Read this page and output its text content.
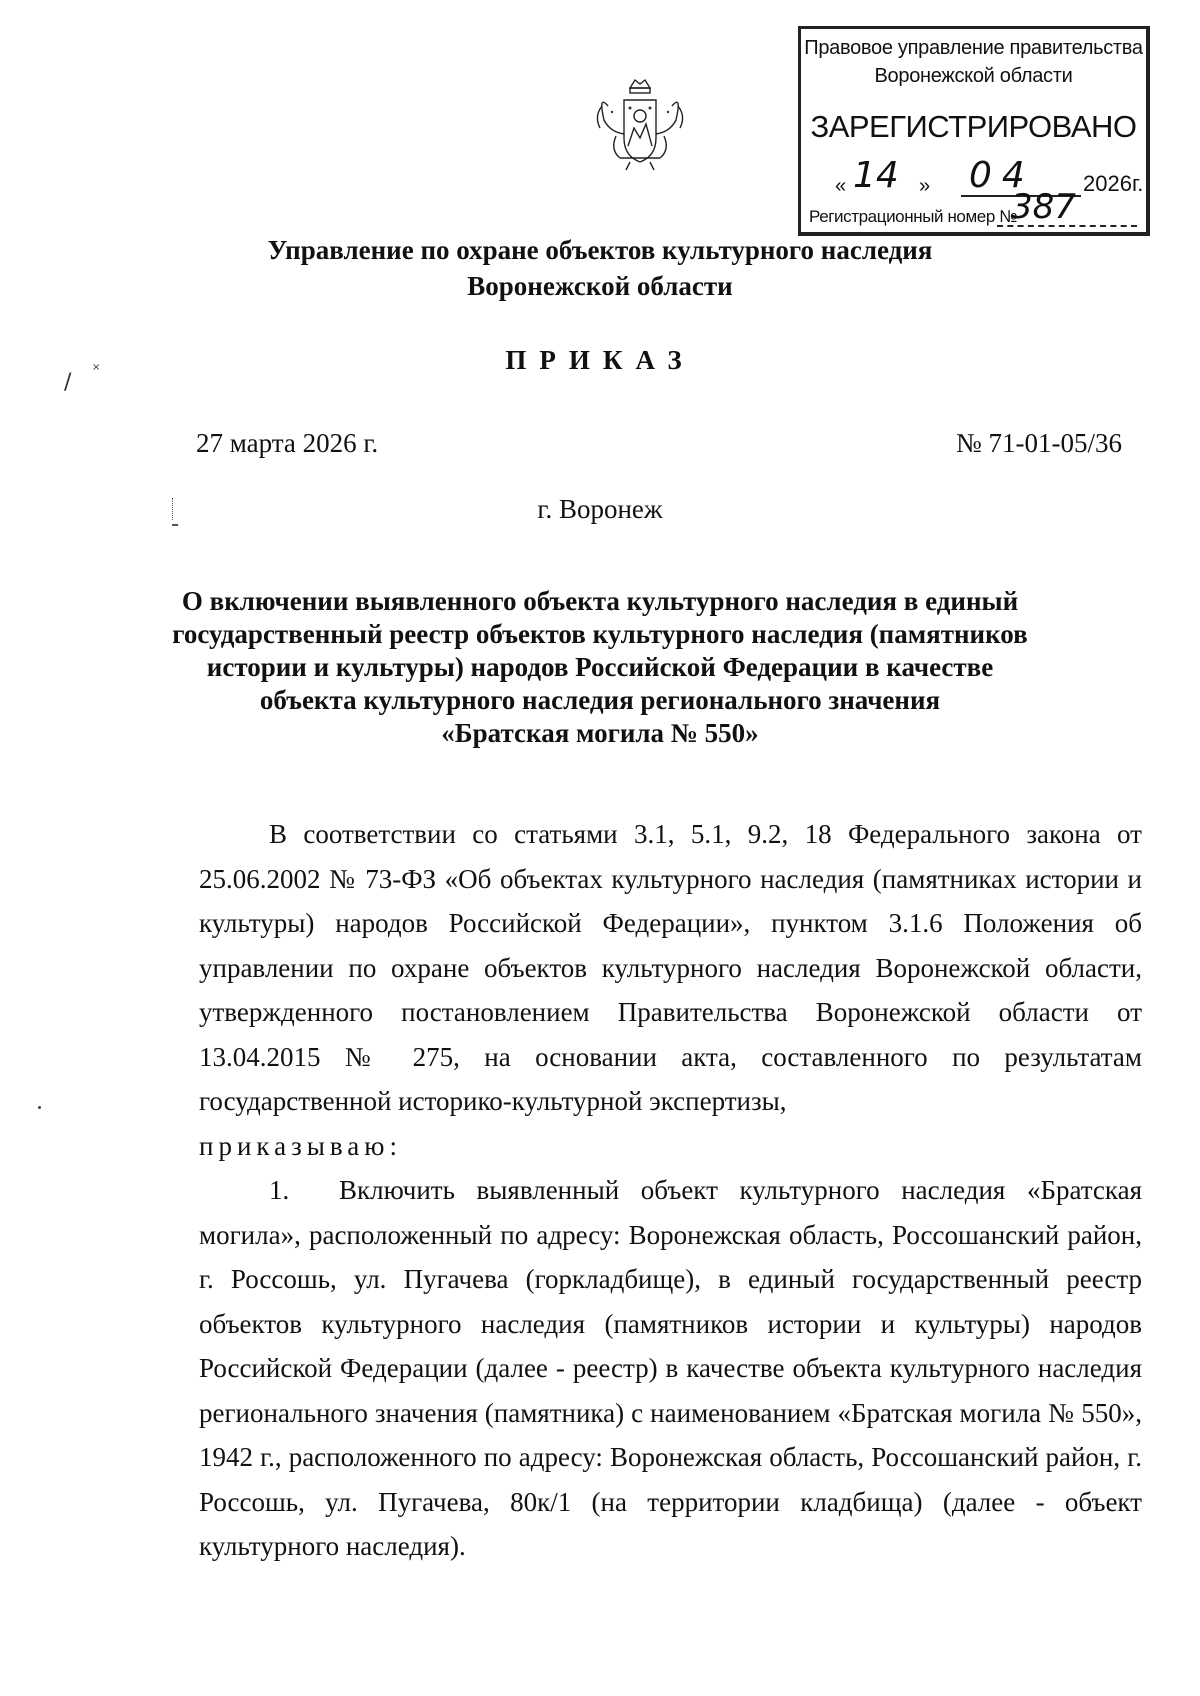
Правовое управление правительства
Воронежской области
ЗАРЕГИСТРИРОВАНО
« 14 » 04 2026г.
Регистрационный номер №
387
Управление по охране объектов культурного наследия
Воронежской области
ПРИКАЗ
/
×
27 марта 2026 г.	№ 71-01-05/36
г. Воронеж
О включении выявленного объекта культурного наследия в единый
государственный реестр объектов культурного наследия (памятников
истории и культуры) народов Российской Федерации в качестве
объекта культурного наследия регионального значения
«Братская могила № 550»

В соответствии со статьями 3.1, 5.1, 9.2, 18 Федерального закона от 25.06.2002 № 73-ФЗ «Об объектах культурного наследия (памятниках истории и культуры) народов Российской Федерации», пунктом 3.1.6 Положения об управлении по охране объектов культурного наследия Воронежской области, утвержденного постановлением Правительства Воронежской области от 13.04.2015 № 275, на основании акта, составленного по результатам государственной историко-культурной экспертизы,

приказываю:

1. Включить выявленный объект культурного наследия «Братская могила», расположенный по адресу: Воронежская область, Россошанский район, г. Россошь, ул. Пугачева (горкладбище), в единый государственный реестр объектов культурного наследия (памятников истории и культуры) народов Российской Федерации (далее - реестр) в качестве объекта культурного наследия регионального значения (памятника) с наименованием «Братская могила № 550», 1942 г., расположенного по адресу: Воронежская область, Россошанский район, г. Россошь, ул. Пугачева, 80к/1 (на территории кладбища) (далее - объект культурного наследия).
